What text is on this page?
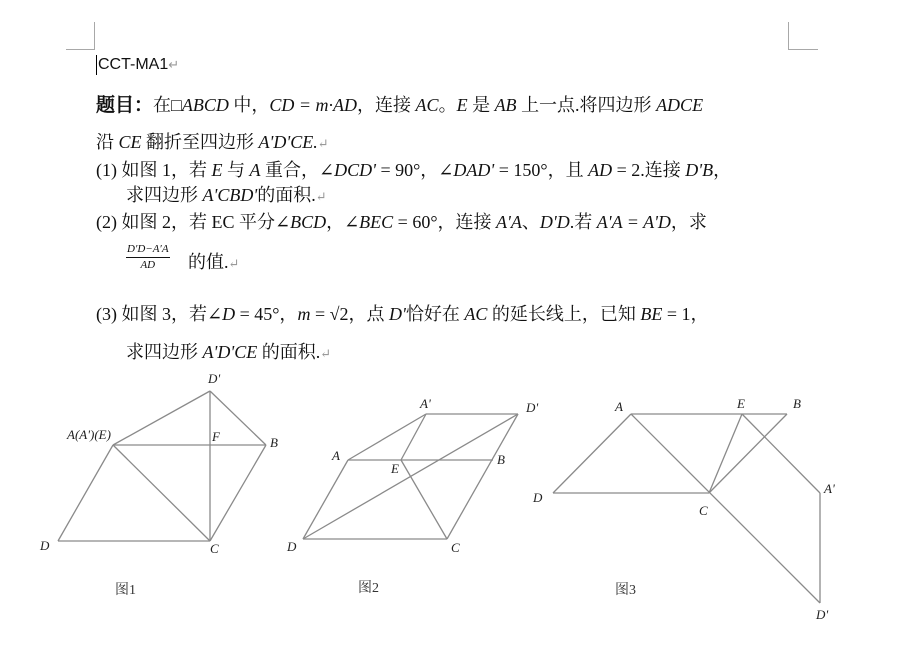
CCT-MA1↵
题目：在□ABCD 中，CD = m·AD，连接 AC。E 是 AB 上一点.将四边形 ADCE
沿 CE 翻折至四边形 A'D'CE.↵
(1) 如图 1，若 E 与 A 重合，∠DCD' = 90°，∠DAD' = 150°，且 AD = 2.连接 D'B，
求四边形 A'CBD'的面积.↵
(2) 如图 2，若 EC 平分∠BCD，∠BEC = 60°，连接 A'A、D'D.若 A'A = A'D，求
$\frac{D'D-A'A}{AD}$ 的值.↵
(3) 如图 3，若∠D = 45°，m = √2，点 D'恰好在 AC 的延长线上，已知 BE = 1，
求四边形 A'D'CE 的面积.↵
D'
A(A')(E)	F	B
D	C
图1
A'	D'
A
E
B
D	C
图2
A	E	B
D
C
A'
D'
图3
